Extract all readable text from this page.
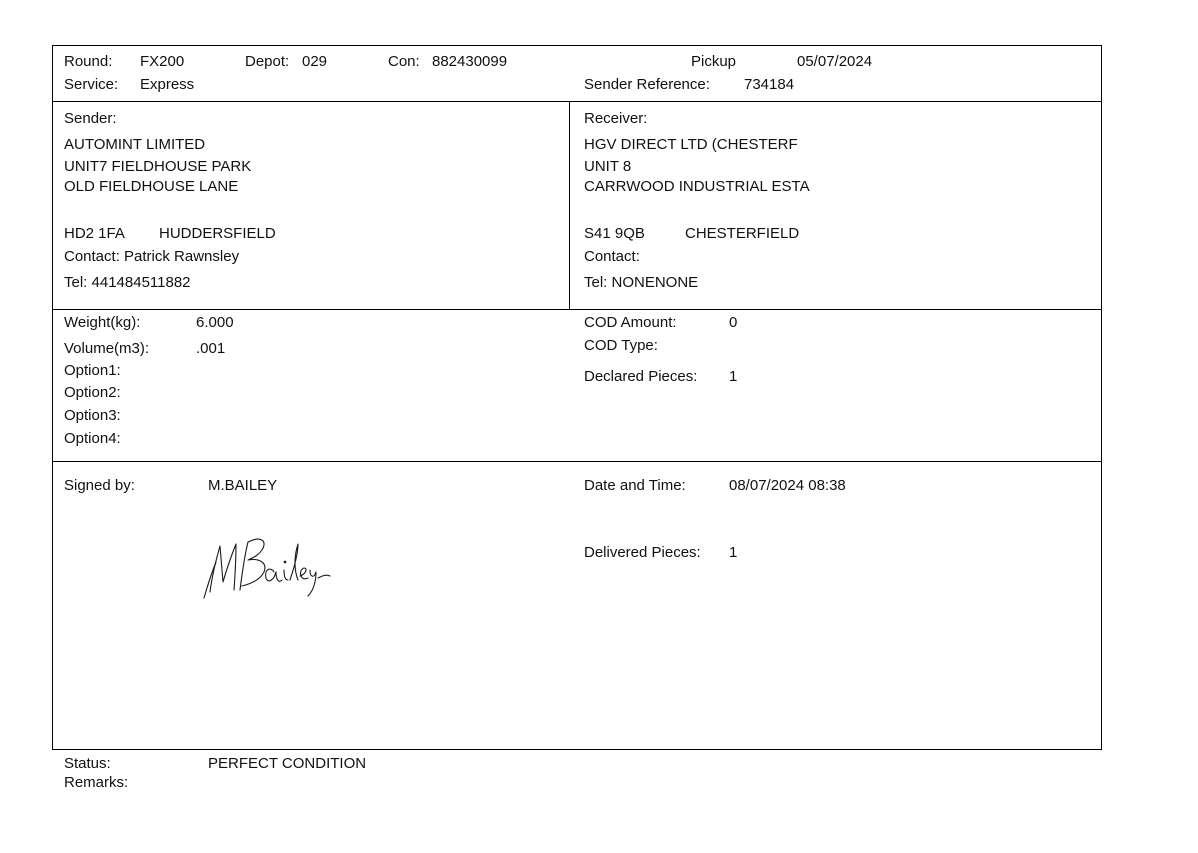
Round: FX200	Depot: 029	Con: 882430099
Service: Express
Pickup	05/07/2024
Sender Reference: 734184
Sender:
AUTOMINT LIMITED
UNIT7 FIELDHOUSE PARK
OLD FIELDHOUSE LANE
HD2 1FA HUDDERSFIELD
Contact: Patrick Rawnsley
Tel: 441484511882
Receiver:
HGV DIRECT LTD (CHESTERF
UNIT 8
CARRWOOD INDUSTRIAL ESTA
S41 9QB	CHESTERFIELD
Contact:
Tel: NONENONE
Weight(kg):	6.000
Volume(m3):	.001
Option1:
Option2:
Option3:
Option4:
COD Amount:	0
COD Type:
Declared Pieces: 1
Signed by:	M.BAILEY	Date and Time:	08/07/2024 08:38
Delivered Pieces: 1
Status:	PERFECT CONDITION
Remarks:
